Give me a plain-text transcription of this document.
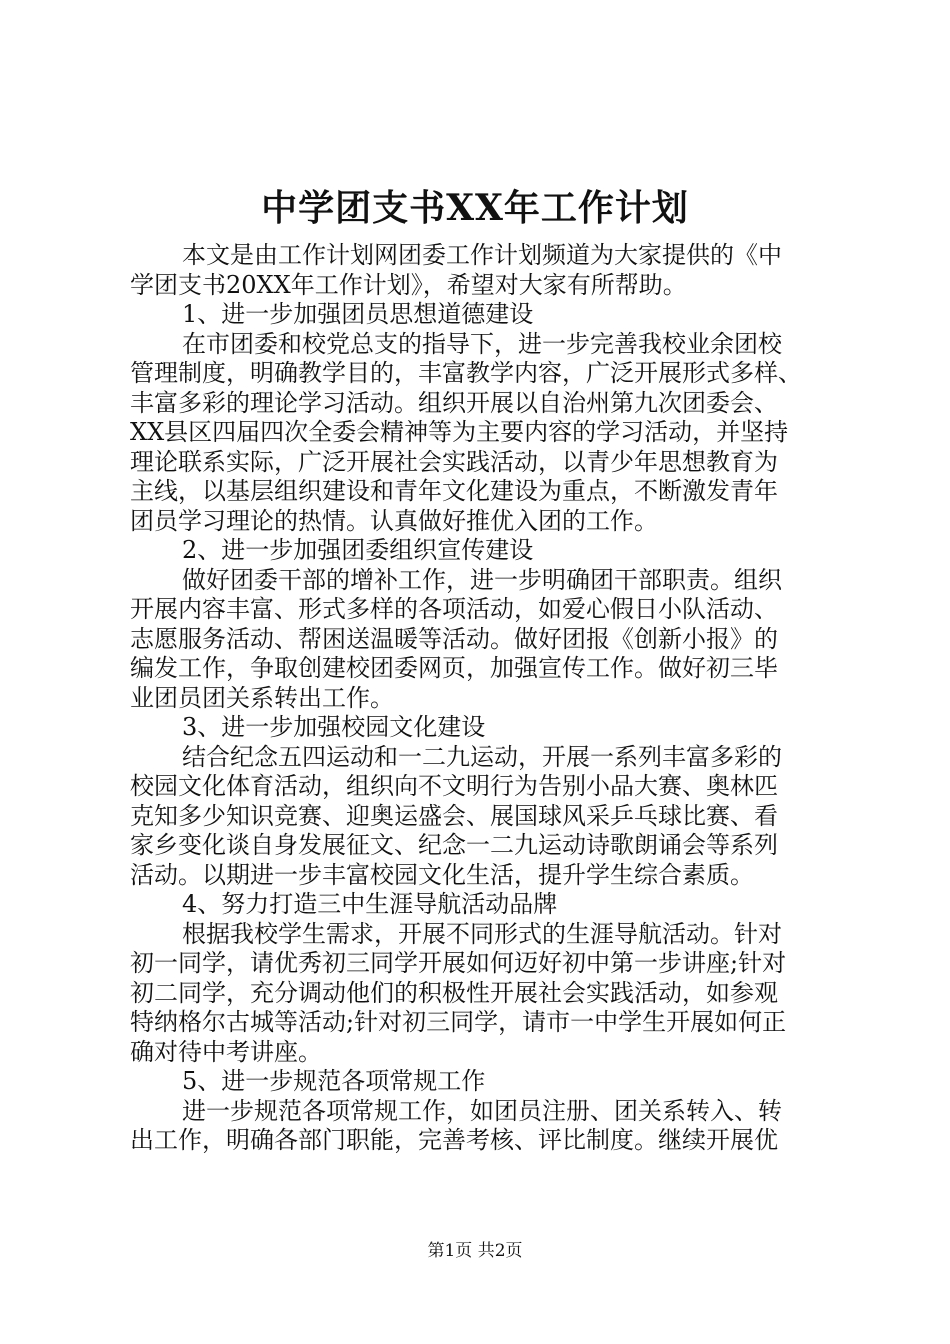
中学团支书XX年工作计划
本文是由工作计划网团委工作计划频道为大家提供的《中
学团支书20XX年工作计划》，希望对大家有所帮助。
1、进一步加强团员思想道德建设
在市团委和校党总支的指导下，进一步完善我校业余团校
管理制度，明确教学目的，丰富教学内容，广泛开展形式多样、
丰富多彩的理论学习活动。组织开展以自治州第九次团委会、
XX县区四届四次全委会精神等为主要内容的学习活动，并坚持
理论联系实际，广泛开展社会实践活动，以青少年思想教育为
主线，以基层组织建设和青年文化建设为重点，不断激发青年
团员学习理论的热情。认真做好推优入团的工作。
2、进一步加强团委组织宣传建设
做好团委干部的增补工作，进一步明确团干部职责。组织
开展内容丰富、形式多样的各项活动，如爱心假日小队活动、
志愿服务活动、帮困送温暖等活动。做好团报《创新小报》的
编发工作，争取创建校团委网页，加强宣传工作。做好初三毕
业团员团关系转出工作。
3、进一步加强校园文化建设
结合纪念五四运动和一二九运动，开展一系列丰富多彩的
校园文化体育活动，组织向不文明行为告别小品大赛、奥林匹
克知多少知识竞赛、迎奥运盛会、展国球风采乒乓球比赛、看
家乡变化谈自身发展征文、纪念一二九运动诗歌朗诵会等系列
活动。以期进一步丰富校园文化生活，提升学生综合素质。
4、努力打造三中生涯导航活动品牌
根据我校学生需求，开展不同形式的生涯导航活动。针对
初一同学，请优秀初三同学开展如何迈好初中第一步讲座;针对
初二同学，充分调动他们的积极性开展社会实践活动，如参观
特纳格尔古城等活动;针对初三同学，请市一中学生开展如何正
确对待中考讲座。
5、进一步规范各项常规工作
进一步规范各项常规工作，如团员注册、团关系转入、转
出工作，明确各部门职能，完善考核、评比制度。继续开展优
第1页 共2页
